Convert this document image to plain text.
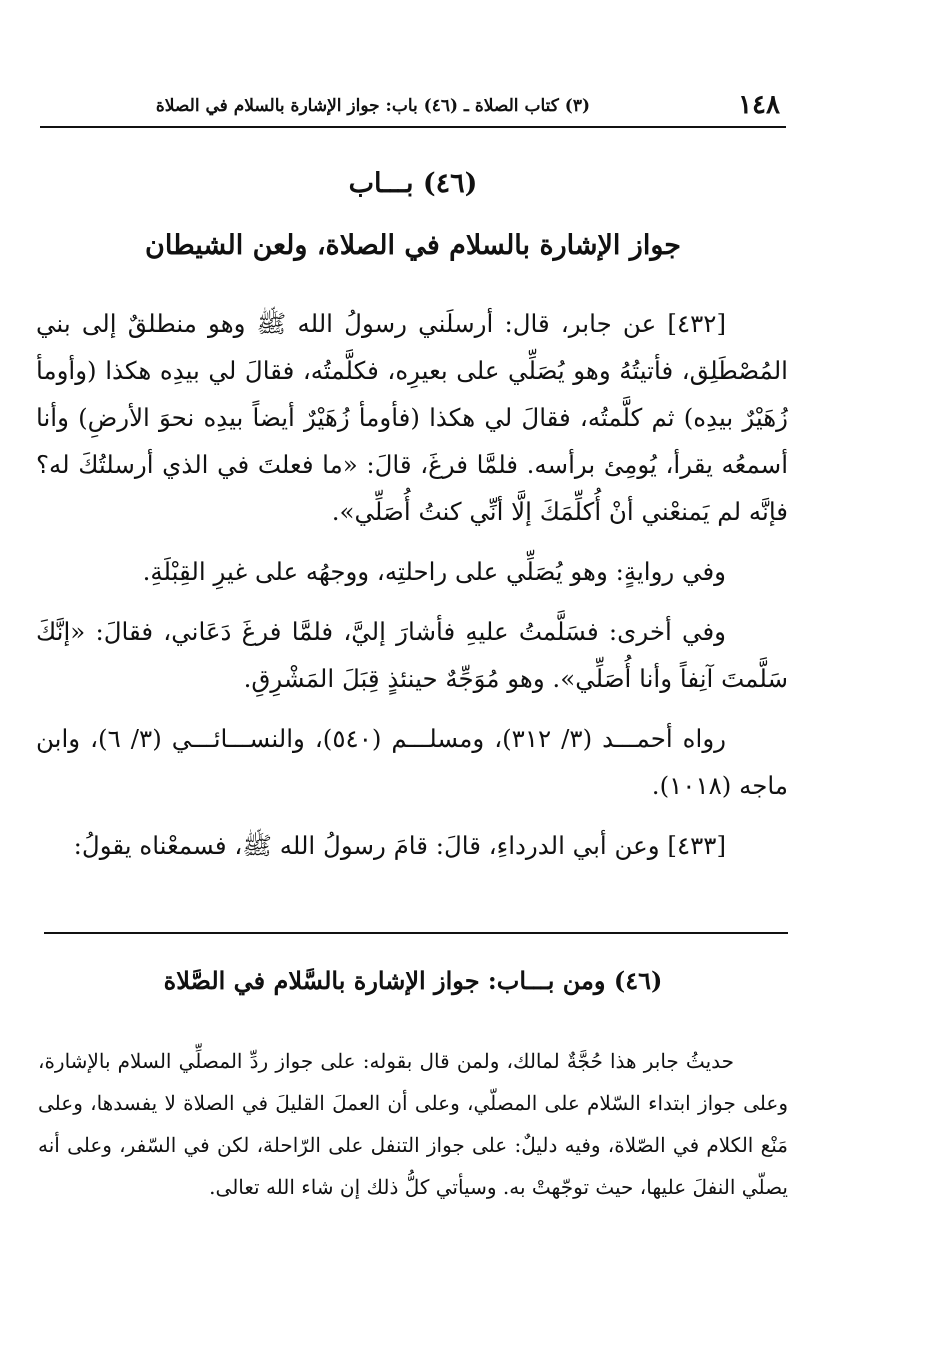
١٤٨
(٣) كتاب الصلاة ـ (٤٦) باب: جواز الإشارة بالسلام في الصلاة
(٤٦) بـــاب
جواز الإشارة بالسلام في الصلاة، ولعن الشيطان

[٤٣٢] عن جابر، قال: أرسلَني رسولُ الله ﷺ وهو منطلقٌ إلى بني المُصْطَلِق، فأتيتُهُ وهو يُصَلِّي على بعيرِه، فكلَّمتُه، فقالَ لي بيدِه هكذا (وأومأ زُهَيْرٌ بيدِه) ثم كلَّمتُه، فقالَ لي هكذا (فأومأ زُهَيْرٌ أيضاً بيدِه نحوَ الأرضِ) وأنا أسمعُه يقرأ، يُومِئ برأسه. فلمَّا فرغَ، قالَ: «ما فعلتَ في الذي أرسلتُكَ له؟ فإنَّه لم يَمنعْني أنْ أُكلِّمَكَ إلَّا أنِّي كنتُ أُصَلِّي».

وفي روايةٍ: وهو يُصَلِّي على راحلتِه، ووجهُه على غيرِ القِبْلَةِ.

وفي أخرى: فسَلَّمتُ عليهِ فأشارَ إليَّ، فلمَّا فرغَ دَعَاني، فقالَ: «إنَّكَ سَلَّمتَ آنِفاً وأنا أُصَلِّي». وهو مُوَجِّهٌ حينئذٍ قِبَلَ المَشْرِقِ.

رواه أحمـــد (٣/ ٣١٢)، ومسلـــم (٥٤٠)، والنســـائـــي (٣/ ٦)، وابن ماجه (١٠١٨).

[٤٣٣] وعن أبي الدرداءِ، قالَ: قامَ رسولُ الله ﷺ، فسمعْناه يقولُ:

(٤٦) ومن بـــاب: جواز الإشارة بالسَّلام في الصَّلاة

حديثُ جابر هذا حُجَّةٌ لمالك، ولمن قال بقوله: على جواز ردِّ المصلِّي السلام بالإشارة، وعلى جواز ابتداء السّلام على المصلّي، وعلى أن العملَ القليلَ في الصلاة لا يفسدها، وعلى مَنْع الكلام في الصّلاة، وفيه دليلٌ: على جواز التنفل على الرّاحلة، لكن في السّفر، وعلى أنه يصلّي النفلَ عليها، حيث توجّهتْ به. وسيأتي كلُّ ذلك إن شاء الله تعالى.
